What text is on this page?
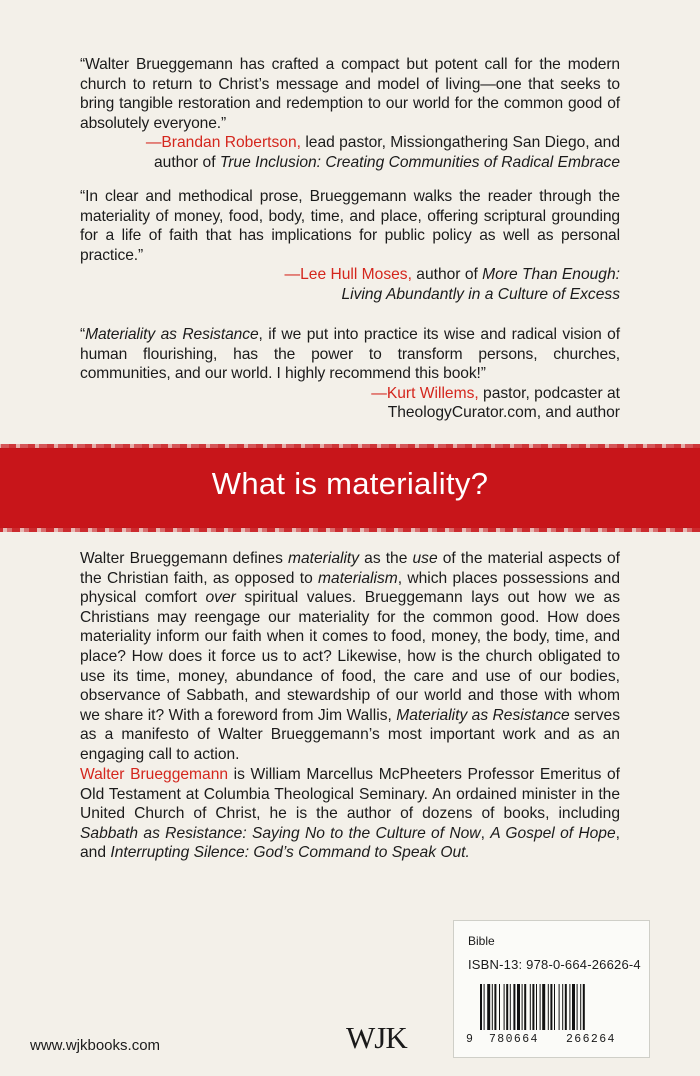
“Walter Brueggemann has crafted a compact but potent call for the modern church to return to Christ’s message and model of living—one that seeks to bring tangible restoration and redemption to our world for the common good of absolutely everyone.”

—Brandan Robertson, lead pastor, Missiongathering San Diego, and
author of True Inclusion: Creating Communities of Radical Embrace

“In clear and methodical prose, Brueggemann walks the reader through the materiality of money, food, body, time, and place, offering scriptural grounding for a life of faith that has implications for public policy as well as personal practice.”

—Lee Hull Moses, author of More Than Enough:
Living Abundantly in a Culture of Excess

“Materiality as Resistance, if we put into practice its wise and radical vision of human flourishing, has the power to transform persons, churches, communities, and our world. I highly recommend this book!”

—Kurt Willems, pastor, podcaster at
TheologyCurator.com, and author
What is materiality?

Walter Brueggemann defines materiality as the use of the material aspects of the Christian faith, as opposed to materialism, which places possessions and physical comfort over spiritual values. Brueggemann lays out how we as Christians may reengage our materiality for the common good. How does materiality inform our faith when it comes to food, money, the body, time, and place? How does it force us to act? Likewise, how is the church obligated to use its time, money, abundance of food, the care and use of our bodies, observance of Sabbath, and stewardship of our world and those with whom we share it? With a foreword from Jim Wallis, Materiality as Resistance serves as a manifesto of Walter Brueggemann’s most important work and as an engaging call to action.

Walter Brueggemann is William Marcellus McPheeters Professor Emeritus of Old Testament at Columbia Theological Seminary. An ordained minister in the United Church of Christ, he is the author of dozens of books, including Sabbath as Resistance: Saying No to the Culture of Now, A Gospel of Hope, and Interrupting Silence: God’s Command to Speak Out.

Bible
ISBN-13: 978-0-664-26626-4
9 780664 266264
www.wjkbooks.com	WJK
